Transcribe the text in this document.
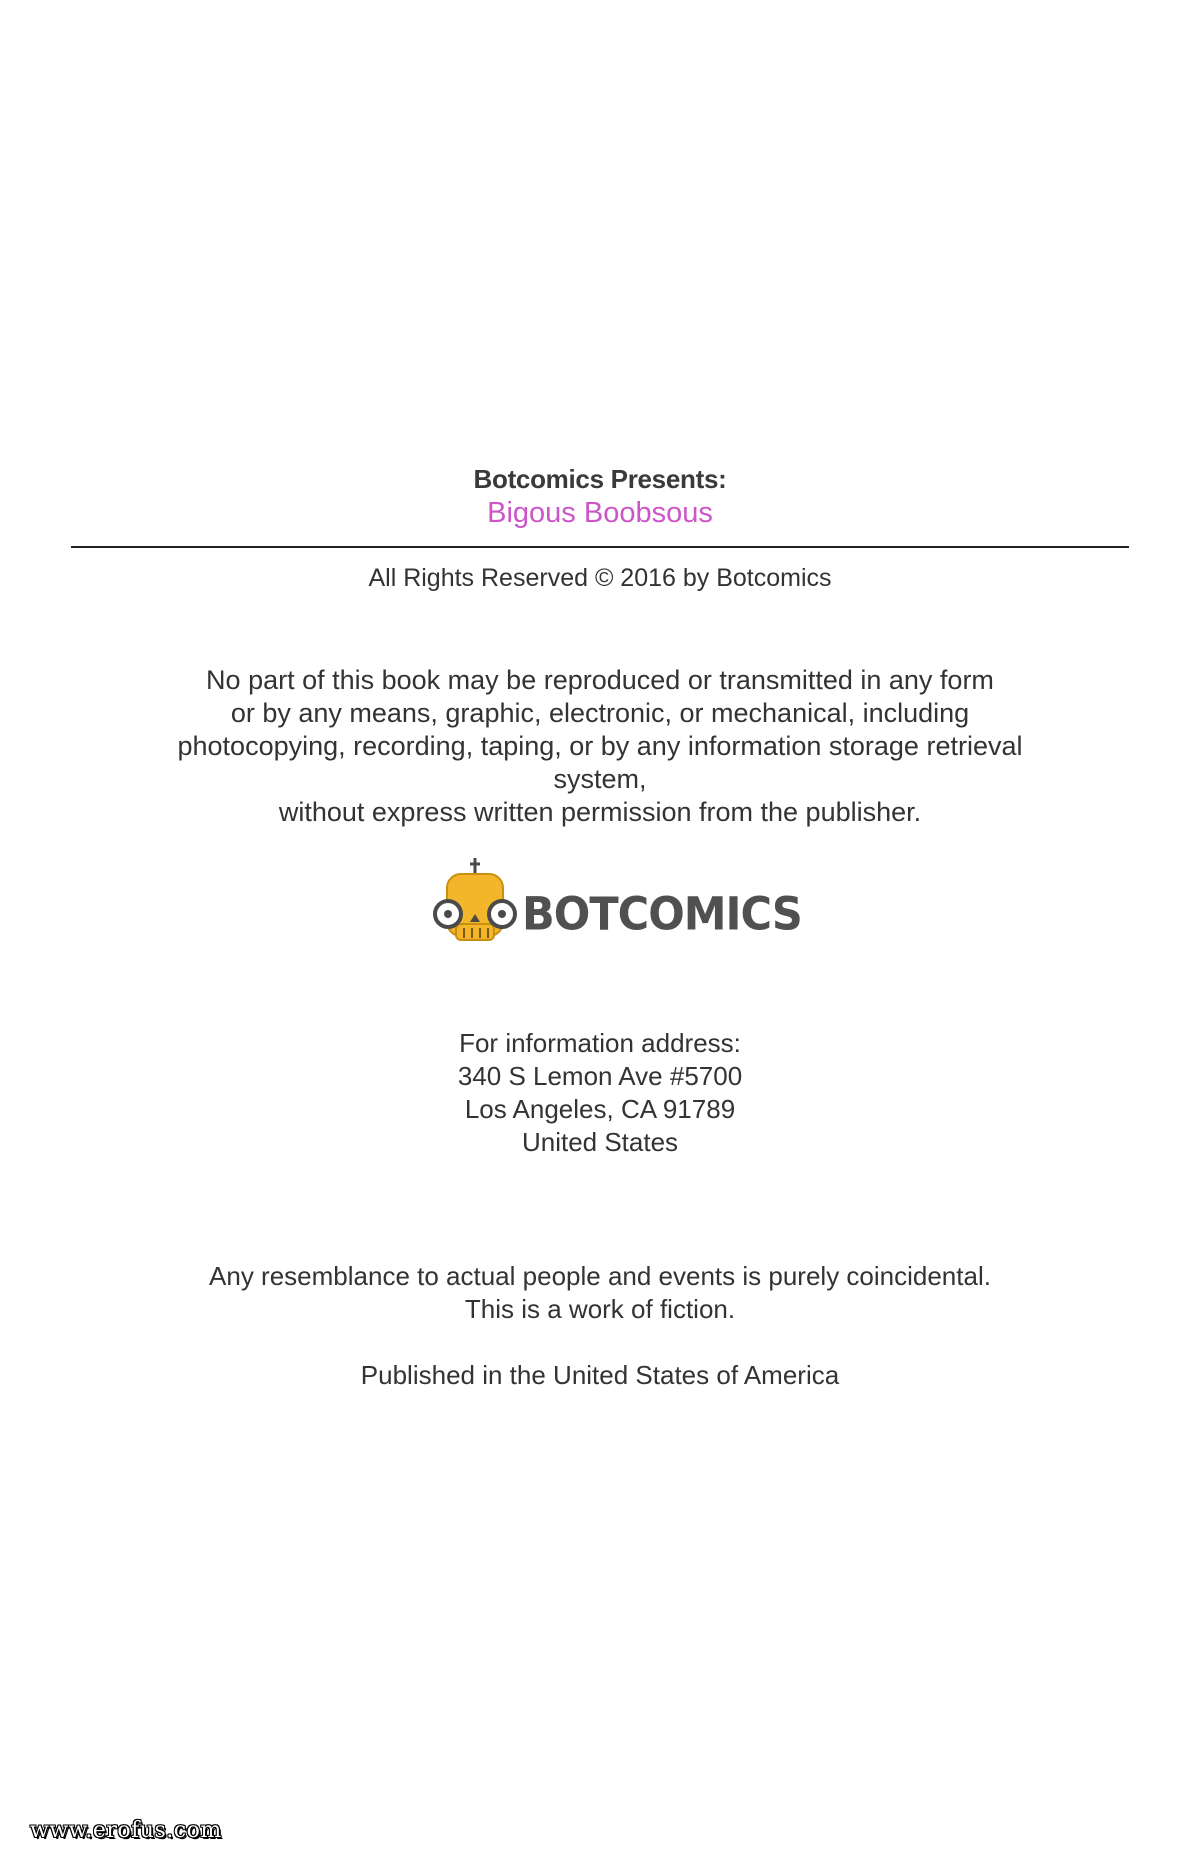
Botcomics Presents:
Bigous Boobsous
All Rights Reserved © 2016 by Botcomics
No part of this book may be reproduced or transmitted in any form
or by any means, graphic, electronic, or mechanical, including
photocopying, recording, taping, or by any information storage retrieval
system,
without express written permission from the publisher.
BOTCOMICS
For information address:
340 S Lemon Ave #5700
Los Angeles, CA 91789
United States
Any resemblance to actual people and events is purely coincidental.
This is a work of fiction.
Published in the United States of America
www.erofus.com
